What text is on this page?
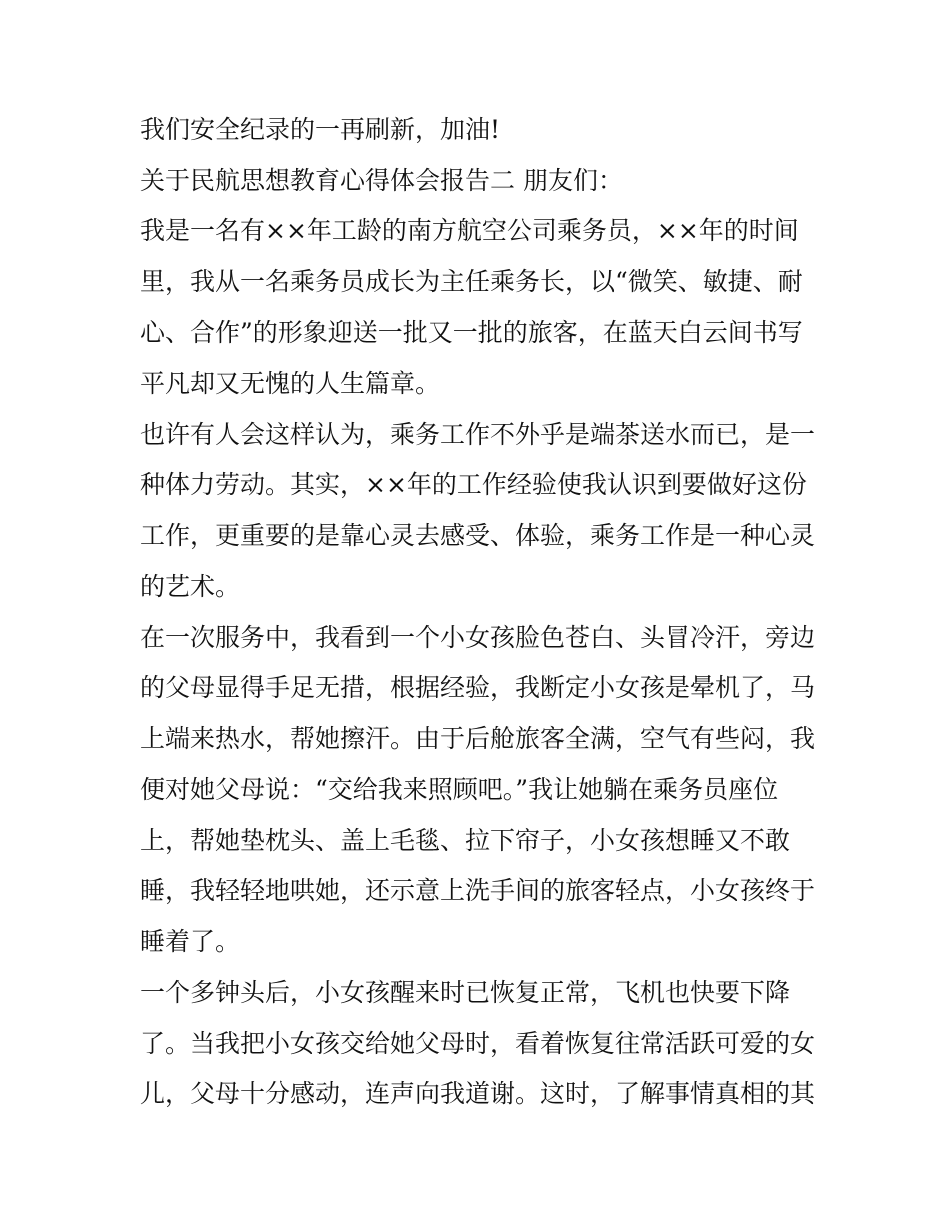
我们安全纪录的一再刷新，加油!
关于民航思想教育心得体会报告二 朋友们：
我是一名有××年工龄的南方航空公司乘务员，××年的时间
里，我从一名乘务员成长为主任乘务长，以“微笑、敏捷、耐
心、合作”的形象迎送一批又一批的旅客，在蓝天白云间书写
平凡却又无愧的人生篇章。
也许有人会这样认为，乘务工作不外乎是端茶送水而已，是一
种体力劳动。其实，××年的工作经验使我认识到要做好这份
工作，更重要的是靠心灵去感受、体验，乘务工作是一种心灵
的艺术。
在一次服务中，我看到一个小女孩脸色苍白、头冒冷汗，旁边
的父母显得手足无措，根据经验，我断定小女孩是晕机了，马
上端来热水，帮她擦汗。由于后舱旅客全满，空气有些闷，我
便对她父母说：“交给我来照顾吧。”我让她躺在乘务员座位
上，帮她垫枕头、盖上毛毯、拉下帘子，小女孩想睡又不敢
睡，我轻轻地哄她，还示意上洗手间的旅客轻点，小女孩终于
睡着了。
一个多钟头后，小女孩醒来时已恢复正常，飞机也快要下降
了。当我把小女孩交给她父母时，看着恢复往常活跃可爱的女
儿，父母十分感动，连声向我道谢。这时，了解事情真相的其
